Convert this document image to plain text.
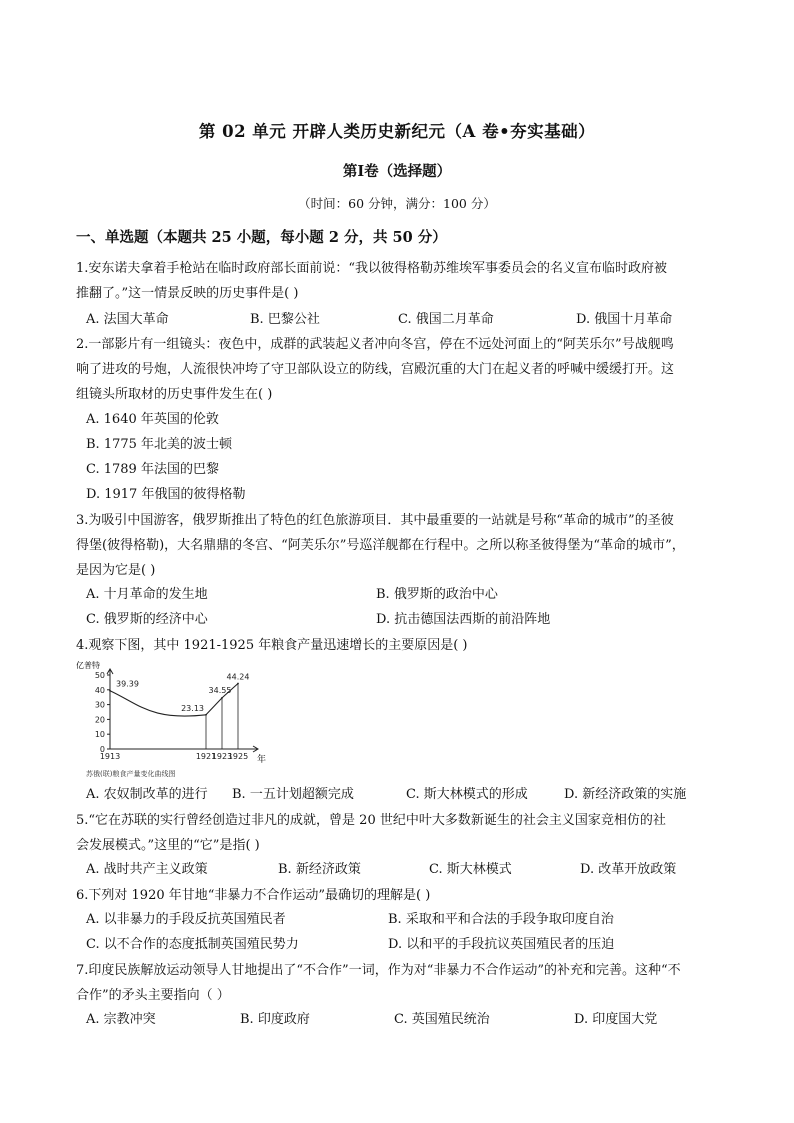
第 02 单元 开辟人类历史新纪元（A 卷•夯实基础）
第Ⅰ卷（选择题）
（时间：60 分钟，满分：100 分）
一、单选题（本题共 25 小题，每小题 2 分，共 50 分）
1.安东诺夫拿着手枪站在临时政府部长面前说：“我以彼得格勒苏维埃军事委员会的名义宣布临时政府被
推翻了。”这一情景反映的历史事件是( )
A. 法国大革命	B. 巴黎公社	C. 俄国二月革命	D. 俄国十月革命
2.一部影片有一组镜头：夜色中，成群的武装起义者冲向冬宫，停在不远处河面上的“阿芙乐尔”号战舰鸣
响了进攻的号炮，人流很快冲垮了守卫部队设立的防线，宫殿沉重的大门在起义者的呼喊中缓缓打开。这
组镜头所取材的历史事件发生在( )
A. 1640 年英国的伦敦
B. 1775 年北美的波士顿
C. 1789 年法国的巴黎
D. 1917 年俄国的彼得格勒
3.为吸引中国游客，俄罗斯推出了特色的红色旅游项目．其中最重要的一站就是号称“革命的城市”的圣彼
得堡(彼得格勒)，大名鼎鼎的冬宫、“阿芙乐尔”号巡洋舰都在行程中。之所以称圣彼得堡为“革命的城市”，
是因为它是( )
A. 十月革命的发生地	B. 俄罗斯的政治中心
C. 俄罗斯的经济中心	D. 抗击德国法西斯的前沿阵地
4.观察下图，其中 1921-1925 年粮食产量迅速增长的主要原因是( )
亿普特
年
苏俄(联)粮食产量变化曲线图
0
10
20
30
40
50
1913	1921
1923
1925
39.39
23.13
34.55
44.24
A. 农奴制改革的进行 B. 一五计划超额完成	C. 斯大林模式的形成	D. 新经济政策的实施
5.“它在苏联的实行曾经创造过非凡的成就，曾是 20 世纪中叶大多数新诞生的社会主义国家竞相仿的社
会发展模式。”这里的“它”是指( )
A. 战时共产主义政策	B. 新经济政策	C. 斯大林模式	D. 改革开放政策
6.下列对 1920 年甘地“非暴力不合作运动”最确切的理解是( )
A. 以非暴力的手段反抗英国殖民者	B. 采取和平和合法的手段争取印度自治
C. 以不合作的态度抵制英国殖民势力	D. 以和平的手段抗议英国殖民者的压迫
7.印度民族解放运动领导人甘地提出了“不合作”一词，作为对“非暴力不合作运动”的补充和完善。这种“不
合作”的矛头主要指向（ ）
A. 宗教冲突	B. 印度政府	C. 英国殖民统治	D. 印度国大党
